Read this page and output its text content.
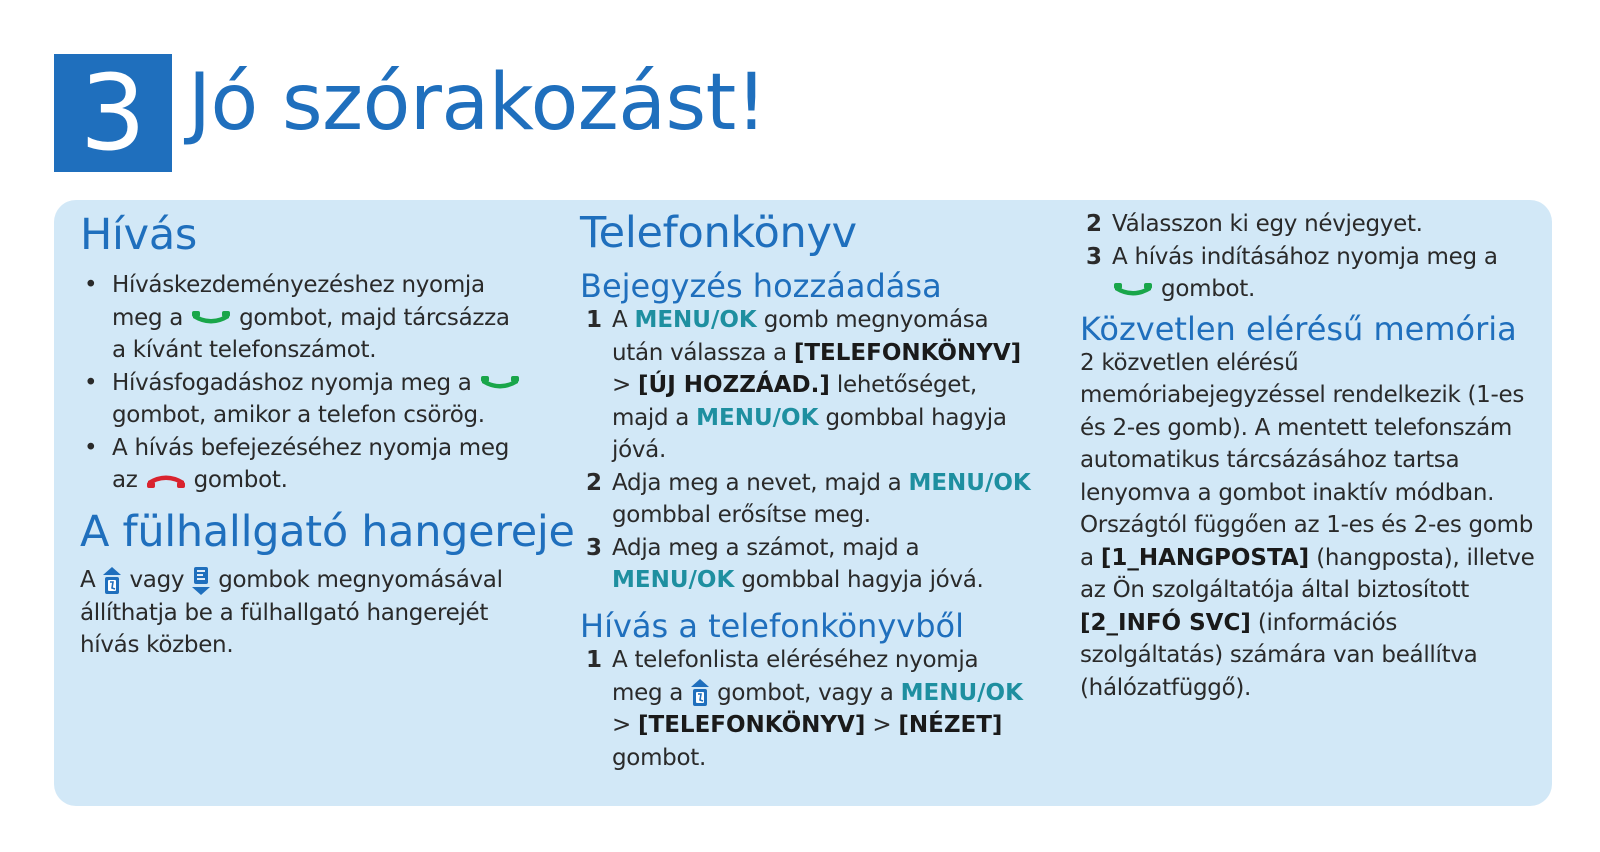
3 Jó szórakozást!
Hívás
• Híváskezdeményezéshez nyomja meg a gombot, majd tárcsázza a kívánt telefonszámot.
• Hívásfogadáshoz nyomja meg a
gombot, amikor a telefon csörög.
• A hívás befejezéséhez nyomja meg az gombot.
A fülhallgató hangereje

A vagy gombok megnyomásával állíthatja be a fülhallgató hangerejét hívás közben.

Telefonkönyv
Bejegyzés hozzáadása
1 A MENU/OK gomb megnyomása után válassza a [TELEFONKÖNYV] > [ÚJ HOZZÁAD.] lehetőséget, majd a MENU/OK gombbal hagyja jóvá.
2 Adja meg a nevet, majd a MENU/OK gombbal erősítse meg.
3 Adja meg a számot, majd a MENU/OK gombbal hagyja jóvá.
Hívás a telefonkönyvből
1 A telefonlista eléréséhez nyomja meg a gombot, vagy a MENU/OK > [TELEFONKÖNYV] > [NÉZET] gombot.
2 Válasszon ki egy névjegyet.
3 A hívás indításához nyomja meg a
gombot.
Közvetlen elérésű memória

2 közvetlen elérésű memóriabejegyzéssel rendelkezik (1-es és 2-es gomb). A mentett telefonszám automatikus tárcsázásához tartsa lenyomva a gombot inaktív módban. Országtól függően az 1-es és 2-es gomb a [1_HANGPOSTA] (hangposta), illetve az Ön szolgáltatója által biztosított [2_INFÓ SVC] (információs szolgáltatás) számára van beállítva (hálózatfüggő).
